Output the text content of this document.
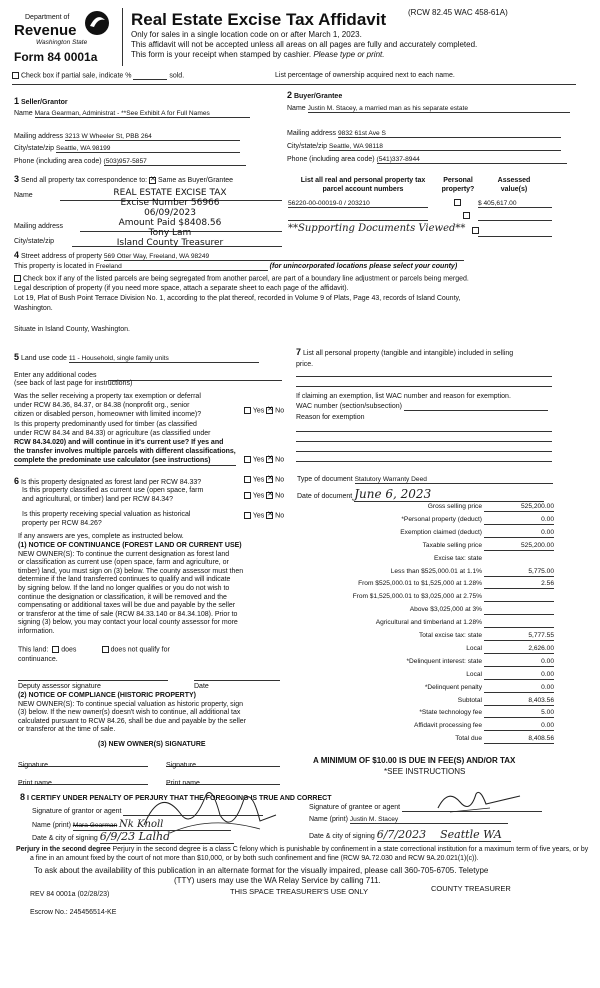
Department of
Revenue
Washington State
Form 84 0001a
Real Estate Excise Tax Affidavit	(RCW 82.45 WAC 458-61A)
Only for sales in a single location code on or after March 1, 2023.
This affidavit will not be accepted unless all areas on all pages are fully and accurately completed.
This form is your receipt when stamped by cashier. Please type or print.
Check box if partial sale, indicate %	sold.	List percentage of ownership acquired next to each name.
1 Seller/Grantor
Name Mara Gearman, Administrat - **See Exhibit A for Full Names
Mailing address 3213 W Wheeler St, PBB 264
City/state/zip Seattle, WA 98199
Phone (including area code) (503)957-5857
2 Buyer/Grantee
Name Justin M. Stacey, a married man as his separate estate
Mailing address 9832 61st Ave S
City/state/zip Seattle, WA 98118
Phone (including area code) (541)337-8944
3 Send all property tax correspondence to: ✕ Same as Buyer/Grantee
Name
Mailing address
City/state/zip
REAL ESTATE EXCISE TAX
Excise Number 56966
06/09/2023
Amount Paid $8408.56
Tony Lam
Island County Treasurer
List all real and personal property tax parcel account numbers
Personal property?
Assessed value(s)
56220-00-00019-0 / 203210
	$ 405,617.00

**Supporting Documents Viewed**
4 Street address of property 569 Otter Way, Freeland, WA 98249
This property is located in Freeland	(for unincorporated locations please select your county)
Check box if any of the listed parcels are being segregated from another parcel, are part of a boundary line adjustment or parcels being merged.
Legal description of property (if you need more space, attach a separate sheet to each page of the affidavit).
Lot 19, Plat of Bush Point Terrace Division No. 1, according to the plat thereof, recorded in Volume 9 of Plats, Page 43, records of Island County,
Washington.
Situate in Island County, Washington.
5 Land use code 11 - Household, single family units
Enter any additional codes
(see back of last page for instructions)
Was the seller receiving a property tax exemption or deferral
under RCW 84.36, 84.37, or 84.38 (nonprofit org., senior
citizen or disabled person, homeowner with limited income)?
Yes ✕ No
Is this property predominantly used for timber (as classified
under RCW 84.34 and 84.33) or agriculture (as classified under
RCW 84.34.020) and will continue in it's current use? If yes and
the transfer involves multiple parcels with different classifications,
complete the predominate use calculator (see instructions)	Yes ✕ No
7 List all personal property (tangible and intangible) included in selling
price.
If claiming an exemption, list WAC number and reason for exemption.
WAC number (section/subsection)
Reason for exemption
6 Is this property designated as forest land per RCW 84.33?	Yes ✕ No
Is this property classified as current use (open space, farm
and agricultural, or timber) land per RCW 84.34?
Yes ✕ No
Is this property receiving special valuation as historical
property per RCW 84.26?
Yes ✕ No
If any answers are yes, complete as instructed below.
(1) NOTICE OF CONTINUANCE (FOREST LAND OR CURRENT USE)
NEW OWNER(S): To continue the current designation as forest land
or classification as current use (open space, farm and agriculture, or
timber) land, you must sign on (3) below. The county assessor must then
determine if the land transferred continues to qualify and will indicate
by signing below. If the land no longer qualifies or you do not wish to
continue the designation or classification, it will be removed and the
compensating or additional taxes will be due and payable by the seller
or transferor at the time of sale (RCW 84.33.140 or 84.34.108). Prior to
signing (3) below, you may contact your local county assessor for more
information.
This land: does	does not qualify for
continuance.
Deputy assessor signature	Date
(2) NOTICE OF COMPLIANCE (HISTORIC PROPERTY)
NEW OWNER(S): To continue special valuation as historic property, sign
(3) below. If the new owner(s) doesn't wish to continue, all additional tax
calculated pursuant to RCW 84.26, shall be due and payable by the seller
or transferor at the time of sale.
(3) NEW OWNER(S) SIGNATURE
Signature	Signature
Print name	Print name
Type of document Statutory Warranty Deed
Date of document June 6, 2023
Gross selling price	525,200.00
*Personal property (deduct)	0.00
Exemption claimed (deduct)	0.00
Taxable selling price	525,200.00
Excise tax: state
Less than $525,000.01 at 1.1%	5,775.00
From $525,000.01 to $1,525,000 at 1.28%	2.56
From $1,525,000.01 to $3,025,000 at 2.75%
Above $3,025,000 at 3%
Agricultural and timberland at 1.28%
Total excise tax: state	5,777.55
Local	2,626.00
*Delinquent interest: state	0.00
Local	0.00
*Delinquent penalty	0.00
Subtotal	8,403.56
*State technology fee	5.00
Affidavit processing fee	0.00
Total due	8,408.56
A MINIMUM OF $10.00 IS DUE IN FEE(S) AND/OR TAX
*SEE INSTRUCTIONS
8 I CERTIFY UNDER PENALTY OF PERJURY THAT THE FOREGOING IS TRUE AND CORRECT
Signature of grantor or agent
Name (print) Mara Gearman Nk Knoll
Date & city of signing 6/9/23 Lalhd
Signature of grantee or agent
Name (print) Justin M. Stacey
Date & city of signing 6/7/2023 Seattle WA
Perjury in the second degree Perjury in the second degree is a class C felony which is punishable by confinement in a state correctional institution for a maximum term of five years, or by
a fine in an amount fixed by the court of not more than $10,000, or by both such confinement and fine (RCW 9A.72.030 and RCW 9A.20.021(1)(c)).
To ask about the availability of this publication in an alternate format for the visually impaired, please call 360-705-6705. Teletype
(TTY) users may use the WA Relay Service by calling 711.
REV 84 0001a (02/28/23)	THIS SPACE TREASURER'S USE ONLY	COUNTY TREASURER
Escrow No.: 245456514-KE
